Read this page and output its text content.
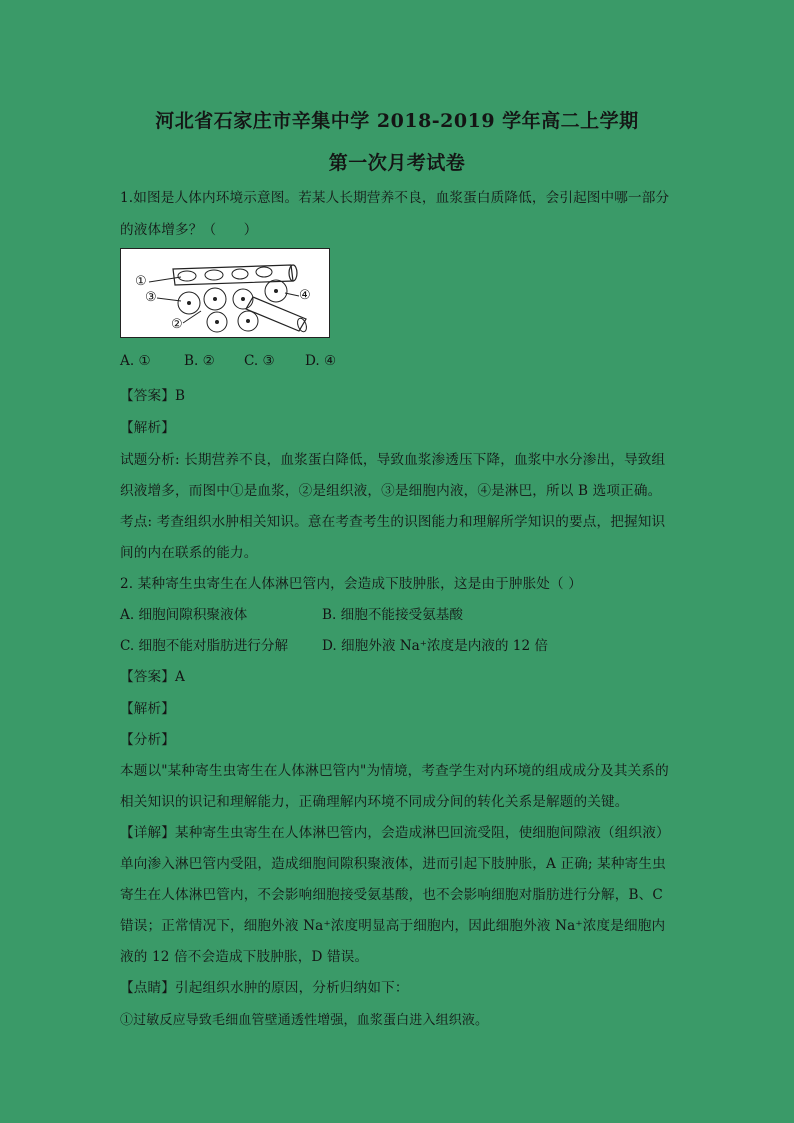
河北省石家庄市辛集中学 2018-2019 学年高二上学期
第一次月考试卷
1.如图是人体内环境示意图。若某人长期营养不良，血浆蛋白质降低，会引起图中哪一部分
的液体增多？（　　）
①
③
②
④
A. ① B. ② C. ③ D. ④
【答案】B
【解析】
试题分析: 长期营养不良，血浆蛋白降低，导致血浆渗透压下降，血浆中水分渗出，导致组
织液增多，而图中①是血浆，②是组织液，③是细胞内液，④是淋巴，所以 B 选项正确。
考点: 考查组织水肿相关知识。意在考查考生的识图能力和理解所学知识的要点，把握知识
间的内在联系的能力。
2. 某种寄生虫寄生在人体淋巴管内，会造成下肢肿胀，这是由于肿胀处（ ）
A. 细胞间隙积聚液体	B. 细胞不能接受氨基酸
C. 细胞不能对脂肪进行分解 D. 细胞外液 Na⁺浓度是内液的 12 倍
【答案】A
【解析】
【分析】
本题以"某种寄生虫寄生在人体淋巴管内"为情境，考查学生对内环境的组成成分及其关系的
相关知识的识记和理解能力，正确理解内环境不同成分间的转化关系是解题的关键。
【详解】某种寄生虫寄生在人体淋巴管内，会造成淋巴回流受阻，使细胞间隙液（组织液）
单向渗入淋巴管内受阻，造成细胞间隙积聚液体，进而引起下肢肿胀，A 正确; 某种寄生虫
寄生在人体淋巴管内，不会影响细胞接受氨基酸，也不会影响细胞对脂肪进行分解，B、C
错误；正常情况下，细胞外液 Na⁺浓度明显高于细胞内，因此细胞外液 Na⁺浓度是细胞内
液的 12 倍不会造成下肢肿胀，D 错误。
【点睛】引起组织水肿的原因，分析归纳如下：
①过敏反应导致毛细血管壁通透性增强，血浆蛋白进入组织液。
